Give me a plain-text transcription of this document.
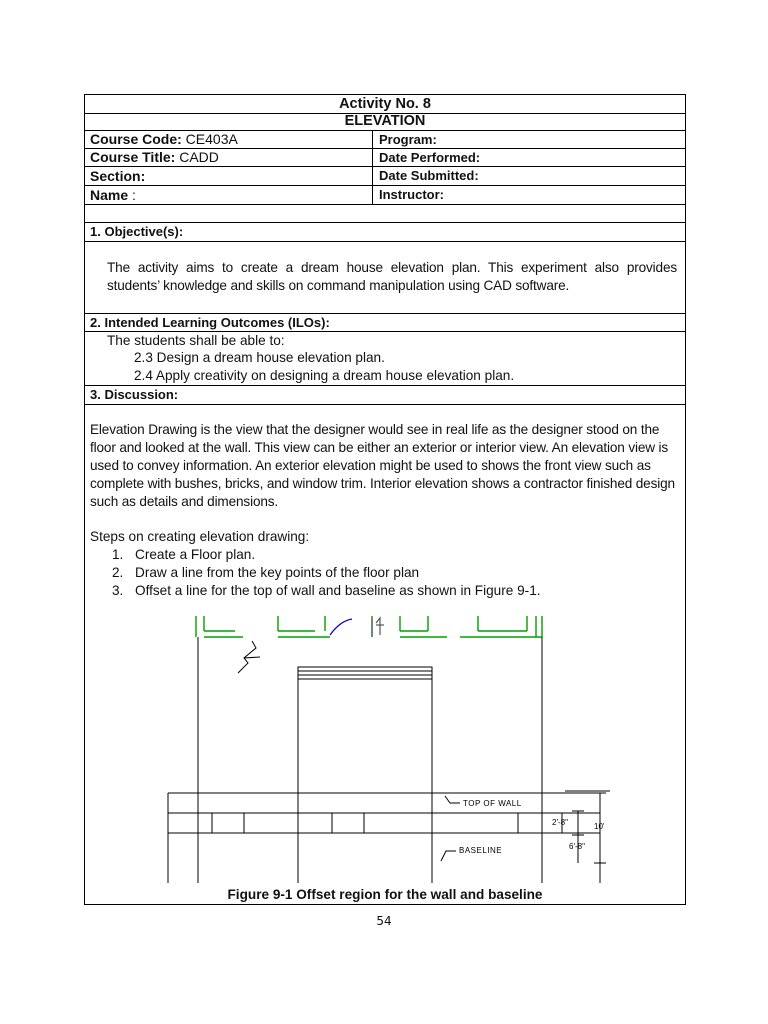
Activity No. 8
ELEVATION
Course Code: CE403A
Course Title: CADD
Section:
Name :
Program:
Date Performed:
Date Submitted:
Instructor:
1. Objective(s):
The activity aims to create a dream house elevation plan. This experiment also provides students’ knowledge and skills on command manipulation using CAD software.
2. Intended Learning Outcomes (ILOs):
The students shall be able to:
2.3 Design a dream house elevation plan.
2.4 Apply creativity on designing a dream house elevation plan.
3. Discussion:
Elevation Drawing is the view that the designer would see in real life as the designer stood on the floor and looked at the wall. This view can be either an exterior or interior view. An elevation view is used to convey information. An exterior elevation might be used to shows the front view such as complete with bushes, bricks, and window trim. Interior elevation shows a contractor finished design such as details and dimensions.
Steps on creating elevation drawing:
1. Create a Floor plan.
2. Draw a line from the key points of the floor plan
3. Offset a line for the top of wall and baseline as shown in Figure 9-1.
TOP OF WALL
BASELINE
2'-8"	10'
6'-8"
Figure 9-1 Offset region for the wall and baseline
54
